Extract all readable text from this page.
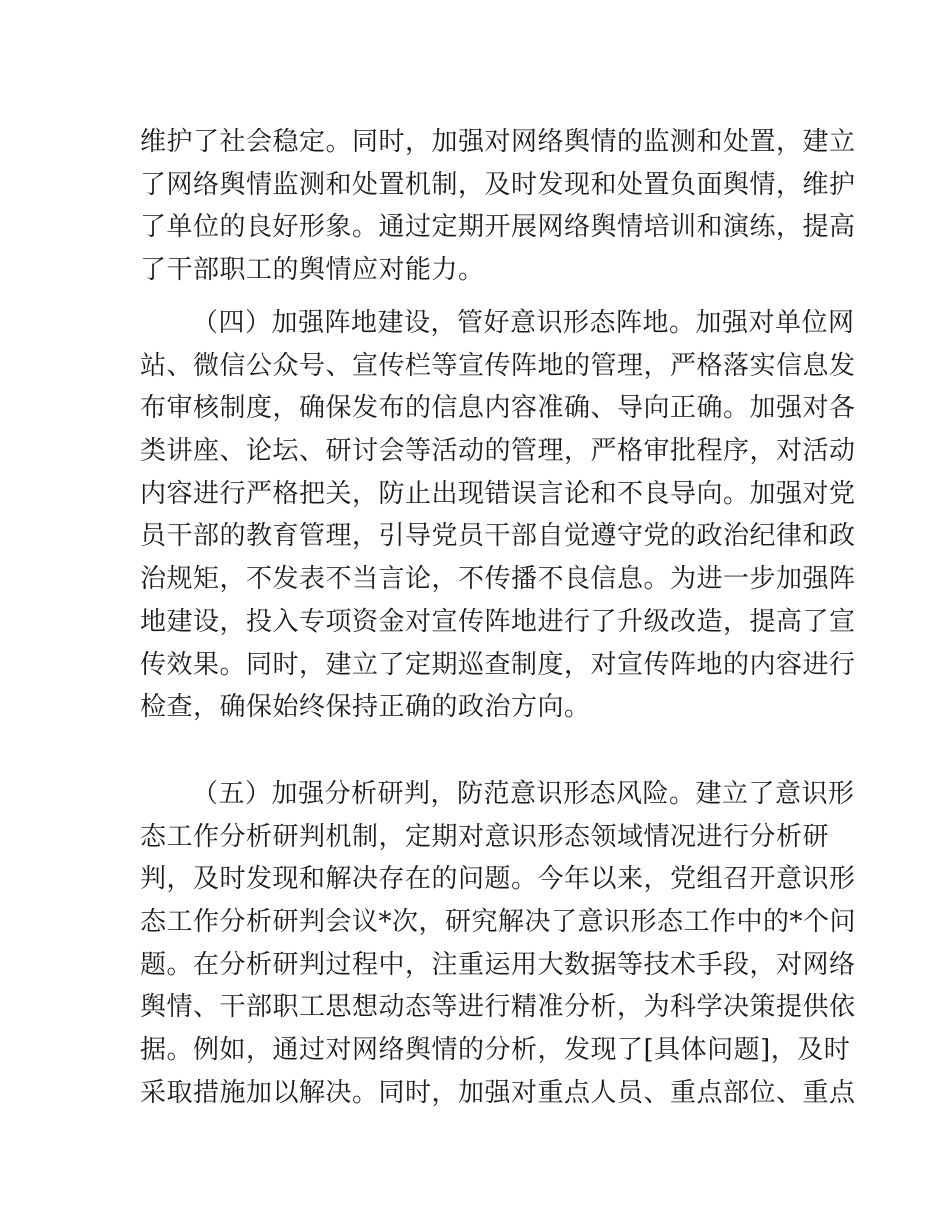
维护了社会稳定。同时，加强对网络舆情的监测和处置，建立
了网络舆情监测和处置机制，及时发现和处置负面舆情，维护
了单位的良好形象。通过定期开展网络舆情培训和演练，提高
了干部职工的舆情应对能力。
（四）加强阵地建设，管好意识形态阵地。加强对单位网
站、微信公众号、宣传栏等宣传阵地的管理，严格落实信息发
布审核制度，确保发布的信息内容准确、导向正确。加强对各
类讲座、论坛、研讨会等活动的管理，严格审批程序，对活动
内容进行严格把关，防止出现错误言论和不良导向。加强对党
员干部的教育管理，引导党员干部自觉遵守党的政治纪律和政
治规矩，不发表不当言论，不传播不良信息。为进一步加强阵
地建设，投入专项资金对宣传阵地进行了升级改造，提高了宣
传效果。同时，建立了定期巡查制度，对宣传阵地的内容进行
检查，确保始终保持正确的政治方向。
（五）加强分析研判，防范意识形态风险。建立了意识形
态工作分析研判机制，定期对意识形态领域情况进行分析研
判，及时发现和解决存在的问题。今年以来，党组召开意识形
态工作分析研判会议*次，研究解决了意识形态工作中的*个问
题。在分析研判过程中，注重运用大数据等技术手段，对网络
舆情、干部职工思想动态等进行精准分析，为科学决策提供依
据。例如，通过对网络舆情的分析，发现了[具体问题]，及时
采取措施加以解决。同时，加强对重点人员、重点部位、重点
